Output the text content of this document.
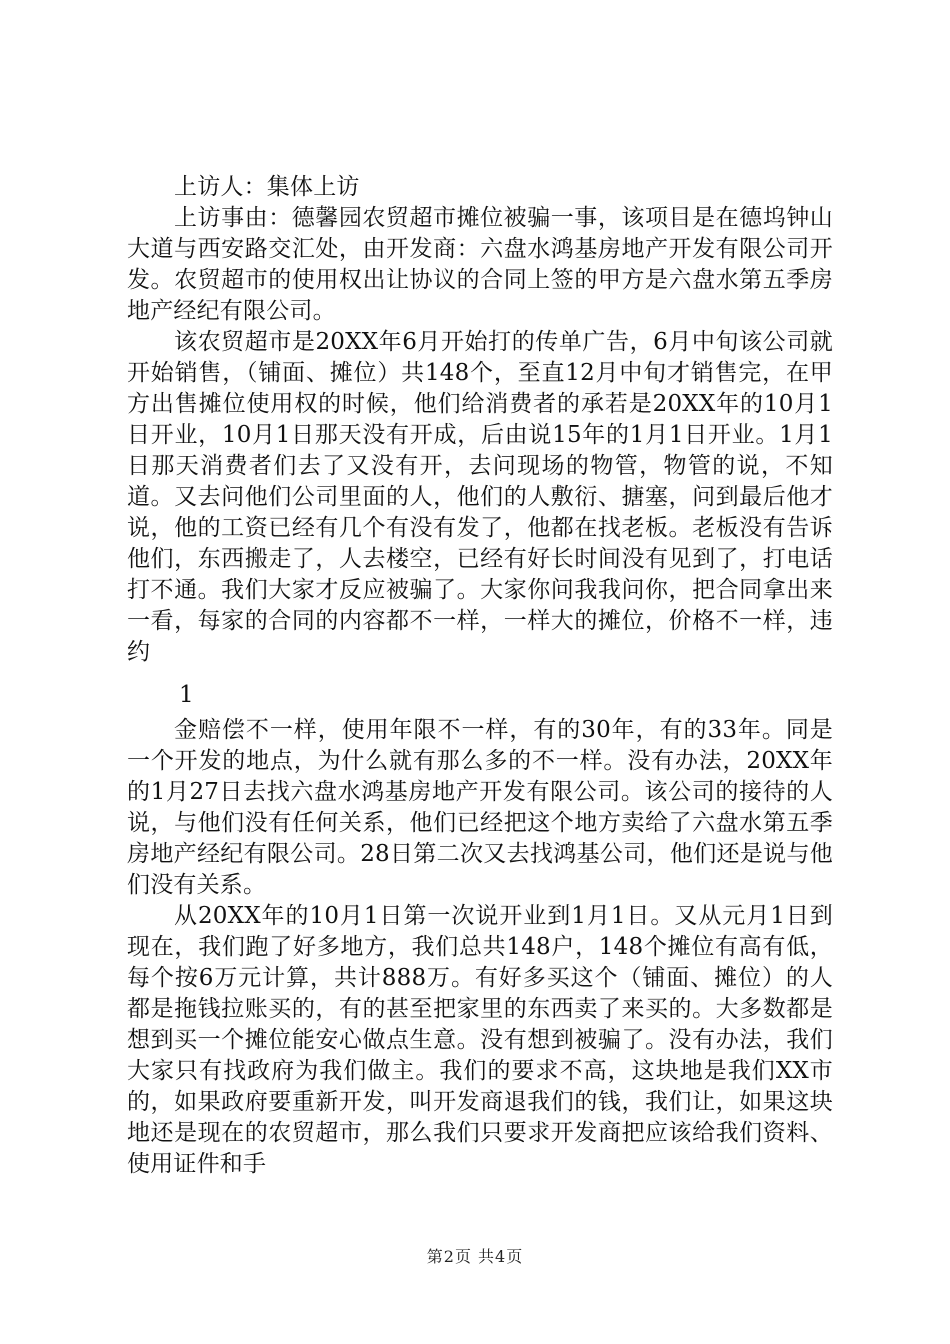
上访人：集体上访

上访事由：德馨园农贸超市摊位被骗一事，该项目是在德坞钟山大道与西安路交汇处，由开发商：六盘水鸿基房地产开发有限公司开发。农贸超市的使用权出让协议的合同上签的甲方是六盘水第五季房地产经纪有限公司。

该农贸超市是20XX年6月开始打的传单广告，6月中旬该公司就开始销售，（铺面、摊位）共148个，至直12月中旬才销售完，在甲方出售摊位使用权的时候，他们给消费者的承若是20XX年的10月1日开业，10月1日那天没有开成，后由说15年的1月1日开业。1月1日那天消费者们去了又没有开，去问现场的物管，物管的说，不知道。又去问他们公司里面的人，他们的人敷衍、搪塞，问到最后他才说，他的工资已经有几个有没有发了，他都在找老板。老板没有告诉他们，东西搬走了，人去楼空，已经有好长时间没有见到了，打电话打不通。我们大家才反应被骗了。大家你问我我问你，把合同拿出来一看，每家的合同的内容都不一样，一样大的摊位，价格不一样，违约

1

金赔偿不一样，使用年限不一样，有的30年，有的33年。同是一个开发的地点，为什么就有那么多的不一样。没有办法，20XX年的1月27日去找六盘水鸿基房地产开发有限公司。该公司的接待的人说，与他们没有任何关系，他们已经把这个地方卖给了六盘水第五季房地产经纪有限公司。28日第二次又去找鸿基公司，他们还是说与他们没有关系。

从20XX年的10月1日第一次说开业到1月1日。又从元月1日到现在，我们跑了好多地方，我们总共148户，148个摊位有高有低，每个按6万元计算，共计888万。有好多买这个（铺面、摊位）的人都是拖钱拉账买的，有的甚至把家里的东西卖了来买的。大多数都是想到买一个摊位能安心做点生意。没有想到被骗了。没有办法，我们大家只有找政府为我们做主。我们的要求不高，这块地是我们XX市的，如果政府要重新开发，叫开发商退我们的钱，我们让，如果这块地还是现在的农贸超市，那么我们只要求开发商把应该给我们资料、使用证件和手

第2页 共4页
